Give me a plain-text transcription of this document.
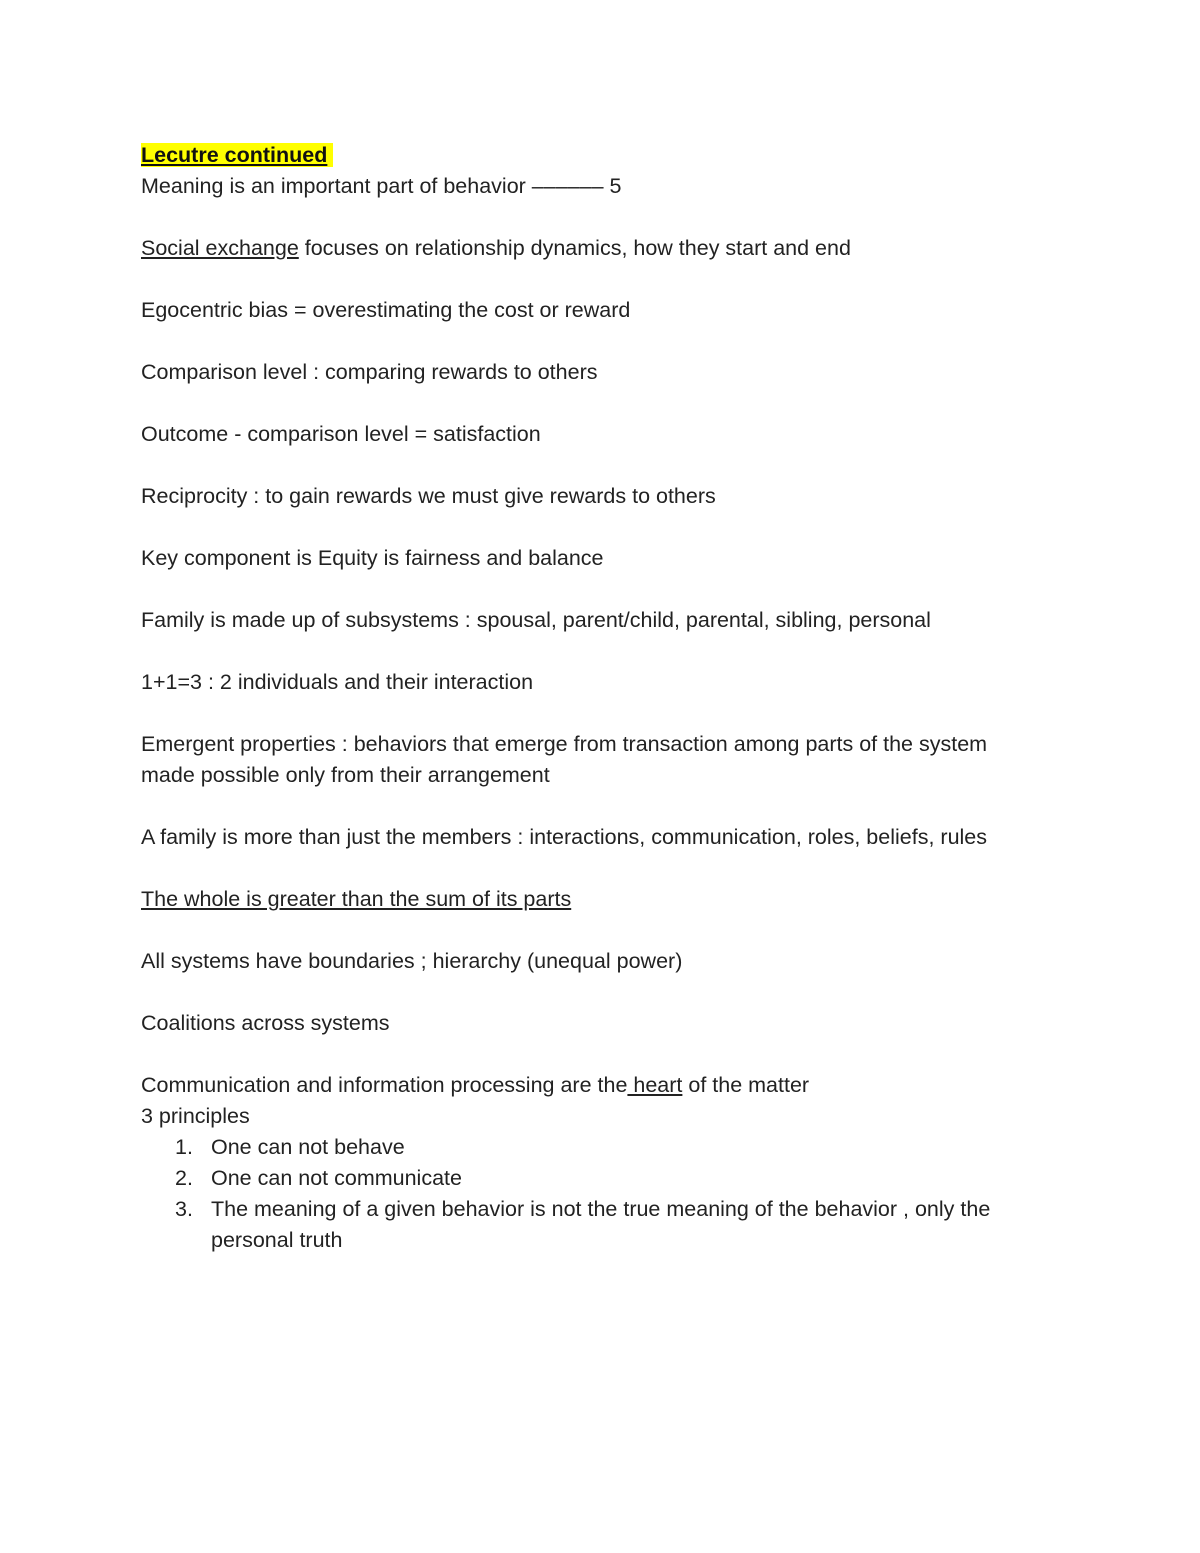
Lecutre continued

Meaning is an important part of behavior –––––– 5

Social exchange focuses on relationship dynamics, how they start and end

Egocentric bias = overestimating the cost or reward

Comparison level : comparing rewards to others

Outcome - comparison level = satisfaction

Reciprocity : to gain rewards we must give rewards to others

Key component is Equity is fairness and balance

Family is made up of subsystems : spousal, parent/child, parental, sibling, personal

1+1=3 : 2 individuals and their interaction

Emergent properties : behaviors that emerge from transaction among parts of the system made possible only from their arrangement

A family is more than just the members : interactions, communication, roles, beliefs, rules

The whole is greater than the sum of its parts

All systems have boundaries ; hierarchy (unequal power)

Coalitions across systems

Communication and information processing are the heart of the matter

3 principles

1. One can not behave
2. One can not communicate
3. The meaning of a given behavior is not the true meaning of the behavior , only the personal truth
